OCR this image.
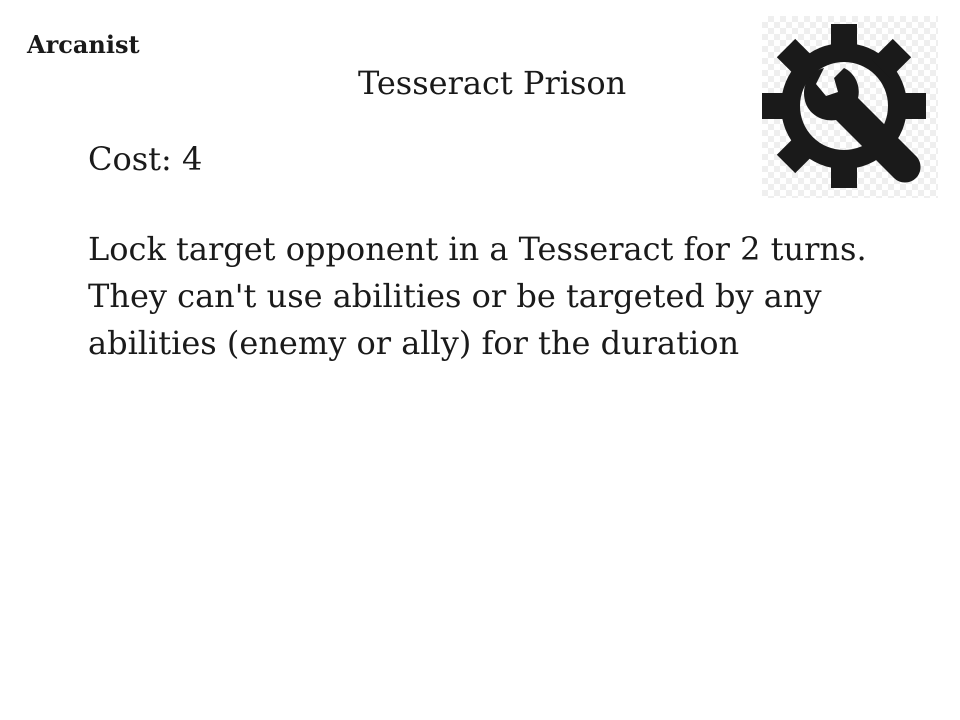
Arcanist
Tesseract Prison
Cost: 4
Lock target opponent in a Tesseract for 2 turns. They can't use abilities or be targeted by any abilities (enemy or ally) for the duration
